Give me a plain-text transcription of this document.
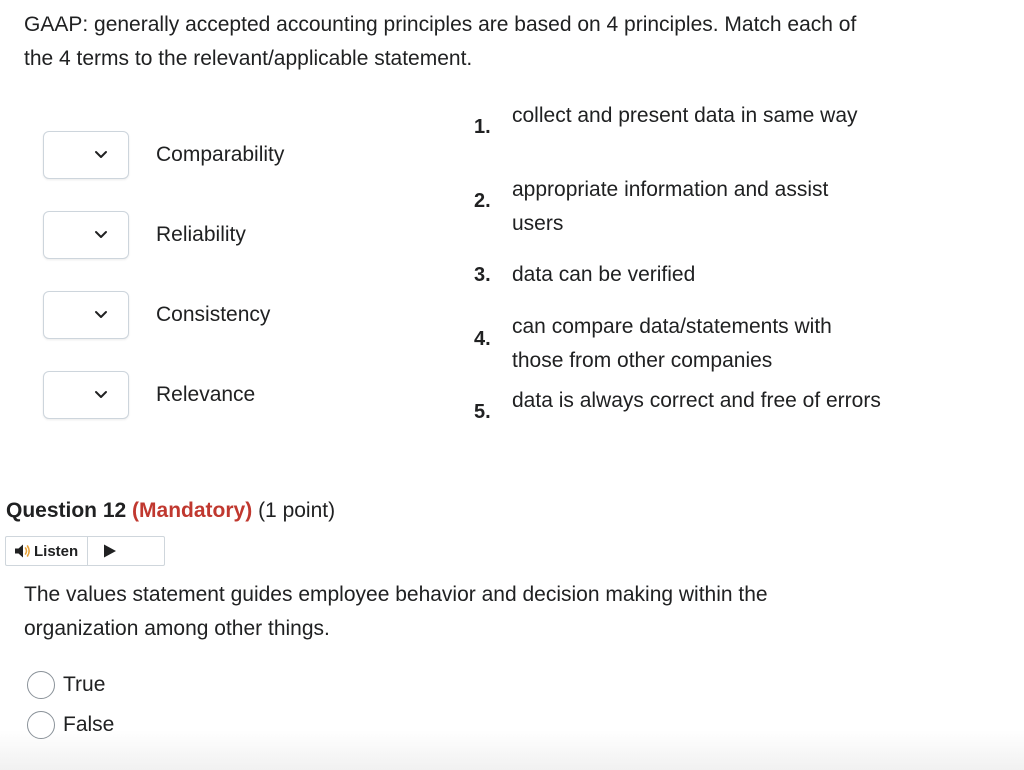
GAAP: generally accepted accounting principles are based on 4 principles. Match each of the 4 terms to the relevant/applicable statement.
Comparability
Reliability
Consistency
Relevance
1. collect and present data in same way
2. appropriate information and assist users
3. data can be verified
4.
can compare data/statements with those from other companies
5. data is always correct and free of errors
Question 12 (Mandatory) (1 point)
Listen
The values statement guides employee behavior and decision making within the organization among other things.
True
False
